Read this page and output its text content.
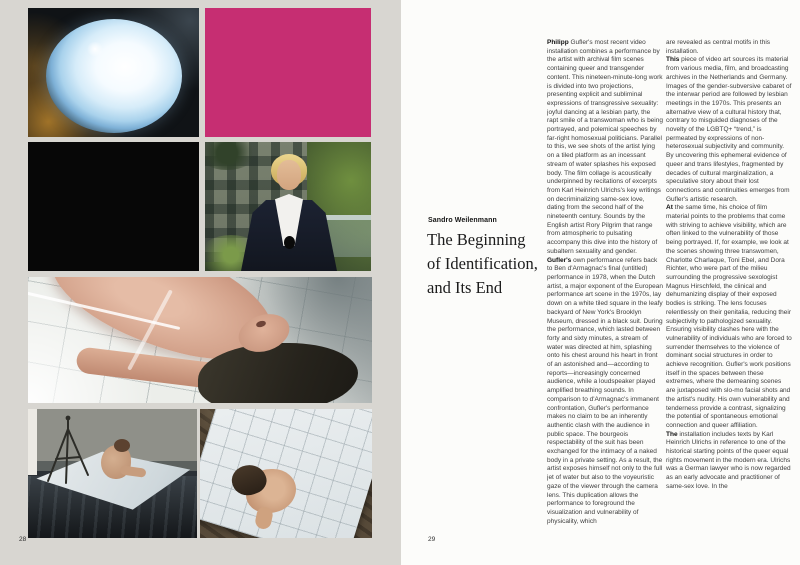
28
Sandro Weilenmann
The Beginning
of Identification,
and Its End

Philipp Gufler's most recent video installation combines a performance by the artist with archival film scenes containing queer and transgender content. This nineteen-minute-long work is divided into two projections, presenting explicit and subliminal expressions of transgressive sexuality: joyful dancing at a lesbian party, the rapt smile of a transwoman who is being portrayed, and polemical speeches by far-right homosexual politicians. Parallel to this, we see shots of the artist lying on a tiled platform as an incessant stream of water splashes his exposed body. The film collage is acoustically underpinned by recitations of excerpts from Karl Heinrich Ulrichs's key writings on decriminalizing same-sex love, dating from the second half of the nineteenth century. Sounds by the English artist Rory Pilgrim that range from atmospheric to pulsating accompany this dive into the history of subaltern sexuality and gender.

Gufler's own performance refers back to Ben d'Armagnac's final (untitled) performance in 1978, when the Dutch artist, a major exponent of the European performance art scene in the 1970s, lay down on a white tiled square in the leafy backyard of New York's Brooklyn Museum, dressed in a black suit. During the performance, which lasted between forty and sixty minutes, a stream of water was directed at him, splashing onto his chest around his heart in front of an astonished and—according to reports—increasingly concerned audience, while a loudspeaker played amplified breathing sounds. In comparison to d'Armagnac's immanent confrontation, Gufler's performance makes no claim to be an inherently authentic clash with the audience in public space. The bourgeois respectability of the suit has been exchanged for the intimacy of a naked body in a private setting. As a result, the artist exposes himself not only to the full jet of water but also to the voyeuristic gaze of the viewer through the camera lens. This duplication allows the performance to foreground the visualization and vulnerability of physicality, which

are revealed as central motifs in this installation.

This piece of video art sources its material from various media, film, and broadcasting archives in the Netherlands and Germany. Images of the gender-subversive cabaret of the interwar period are followed by lesbian meetings in the 1970s. This presents an alternative view of a cultural history that, contrary to misguided diagnoses of the novelty of the LGBTQ+ “trend,” is permeated by expressions of non-heterosexual subjectivity and community. By uncovering this ephemeral evidence of queer and trans lifestyles, fragmented by decades of cultural marginalization, a speculative story about their lost connections and continuities emerges from Gufler's artistic research.

At the same time, his choice of film material points to the problems that come with striving to achieve visibility, which are often linked to the vulnerability of those being portrayed. If, for example, we look at the scenes showing three transwomen, Charlotte Charlaque, Toni Ebel, and Dora Richter, who were part of the milieu surrounding the progressive sexologist Magnus Hirschfeld, the clinical and dehumanizing display of their exposed bodies is striking. The lens focuses relentlessly on their genitalia, reducing their subjectivity to pathologized sexuality. Ensuring visibility clashes here with the vulnerability of individuals who are forced to surrender themselves to the violence of dominant social structures in order to achieve recognition. Gufler's work positions itself in the spaces between these extremes, where the demeaning scenes are juxtaposed with slo-mo facial shots and the artist's nudity. His own vulnerability and tenderness provide a contrast, signalizing the potential of spontaneous emotional connection and queer affiliation.

The installation includes texts by Karl Heinrich Ulrichs in reference to one of the historical starting points of the queer equal rights movement in the modern era. Ulrichs was a German lawyer who is now regarded as an early advocate and practitioner of same-sex love. In the

29
